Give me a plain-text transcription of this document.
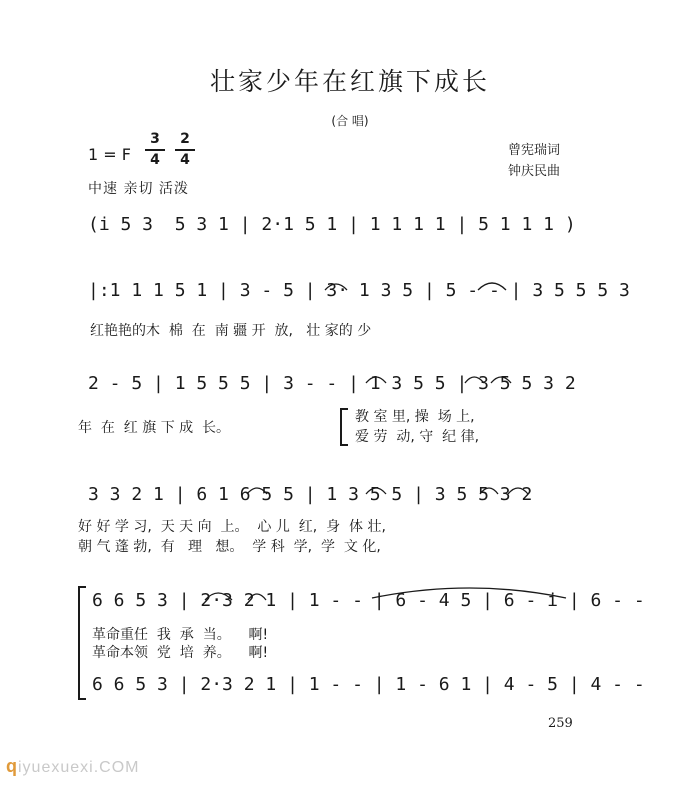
壮家少年在红旗下成长
(合 唱)
1 = F
3
4
2
4
中速 亲切 活泼
曾宪瑞词
钟庆民曲
(i 5 3  5 3 1 | 2·1 5 1 | 1 1 1 1 | 5 1 1 1 )
|:1 1 1 5 1 | 3 - 5 | 3· 1 3 5 | 5 - - | 3 5 5 5 3
红艳艳的木  棉  在  南 疆 开  放,   壮 家的 少
2 - 5 | 1 5 5 5 | 3 - - | 1 3 5 5 | 3 5 5 3 2
年  在  红 旗 下 成  长。
教 室 里, 操  场 上,
爱 劳  动, 守  纪 律,
3 3 2 1 | 6 1 6 5 5 | 1 3 5 5 | 3 5 5 3 2
好 好 学 习,  天 天 向  上。  心 儿  红,  身  体 壮,
朝 气 蓬 勃,  有   理   想。  学 科  学,  学  文 化,
6 6 5 3 | 2·3 2 1 | 1 - - | 6 - 4 5 | 6 - i | 6 - -
革命重任  我  承  当。    啊!
革命本领  党  培  养。    啊!
6 6 5 3 | 2·3 2 1 | 1 - - | 1 - 6 1 | 4 - 5 | 4 - -
259
qiyuexuexi.COM
